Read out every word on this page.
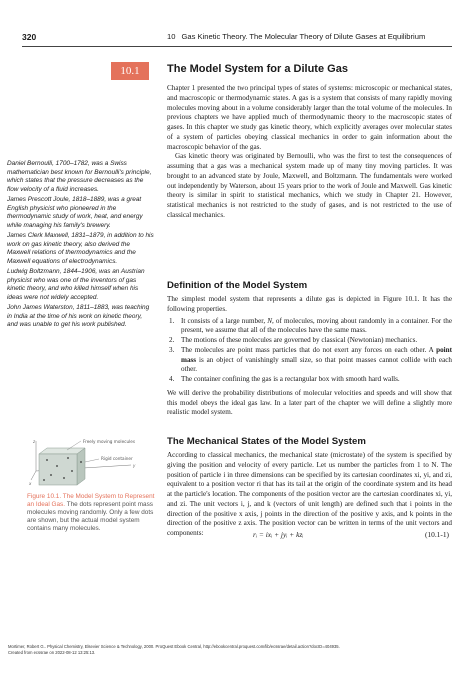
320	10 Gas Kinetic Theory. The Molecular Theory of Dilute Gases at Equilibrium
10.1	The Model System for a Dilute Gas

Chapter 1 presented the two principal types of states of systems: microscopic or mechanical states, and macroscopic or thermodynamic states. A gas is a system that consists of many rapidly moving molecules moving about in a volume considerably larger than the total volume of the molecules. In previous chapters we have applied much of thermodynamic theory to the macroscopic states of gases. In this chapter we study gas kinetic theory, which explicitly averages over molecular states of a system of particles obeying classical mechanics in order to gain information about the macroscopic behavior of the gas.

Gas kinetic theory was originated by Bernoulli, who was the first to test the consequences of assuming that a gas was a mechanical system made up of many tiny moving particles. It was brought to an advanced state by Joule, Maxwell, and Boltzmann. The fundamentals were worked out independently by Waterson, about 15 years prior to the work of Joule and Maxwell. Gas kinetic theory is similar in spirit to statistical mechanics, which we study in Chapter 21. However, statistical mechanics is not restricted to the study of gases, and is not restricted to the use of classical mechanics.

Daniel Bernoulli, 1700–1782, was a Swiss mathematician best known for Bernoulli's principle, which states that the pressure decreases as the flow velocity of a fluid increases.

James Prescott Joule, 1818–1889, was a great English physicist who pioneered in the thermodynamic study of work, heat, and energy while managing his family's brewery.

James Clerk Maxwell, 1831–1879, in addition to his work on gas kinetic theory, also derived the Maxwell relations of thermodynamics and the Maxwell equations of electrodynamics.

Ludwig Boltzmann, 1844–1906, was an Austrian physicist who was one of the inventors of gas kinetic theory, and who killed himself when his ideas were not widely accepted.

John James Waterston, 1811–1883, was teaching in India at the time of his work on kinetic theory, and was unable to get his work published.

Definition of the Model System

The simplest model system that represents a dilute gas is depicted in Figure 10.1. It has the following properties.

1. It consists of a large number, N, of molecules, moving about randomly in a container. For the present, we assume that all of the molecules have the same mass.
2. The motions of these molecules are governed by classical (Newtonian) mechanics.
3. The molecules are point mass particles that do not exert any forces on each other. A point mass is an object of vanishingly small size, so that point masses cannot collide with each other.
4. The container confining the gas is a rectangular box with smooth hard walls.

We will derive the probability distributions of molecular velocities and speeds and will show that this model obeys the ideal gas law. In a later part of the chapter we will define a slightly more realistic model system.

The Mechanical States of the Model System

According to classical mechanics, the mechanical state (microstate) of the system is specified by giving the position and velocity of every particle. Let us number the particles from 1 to N. The position of particle i in three dimensions can be specified by its cartesian coordinates xi, yi, and zi, equivalent to a position vector ri that has its tail at the origin of the coordinate system and its head at the particle's location. The components of the position vector are the cartesian coordinates xi, yi, and zi. The unit vectors i, j, and k (vectors of unit length) are defined such that i points in the direction of the positive x axis, j points in the direction of the positive y axis, and k points in the direction of the positive z axis. The position vector can be written in terms of the unit vectors and components:	rᵢ = ixᵢ + jyᵢ + kzᵢ	(10.1-1)
z
y
x
Freely moving molecules
Rigid container
Figure 10.1. The Model System to Represent an Ideal Gas. The dots represent point mass molecules moving randomly. Only a few dots are shown, but the actual model system contains many molecules.
Mortimer, Robert G.. Physical Chemistry, Elsevier Science & Technology, 2000. ProQuest Ebook Central, http://ebookcentral.proquest.com/lib/ecssrae/detail.action?docID=404935.
Created from ecssrae on 2022-08-12 13:25:13.
